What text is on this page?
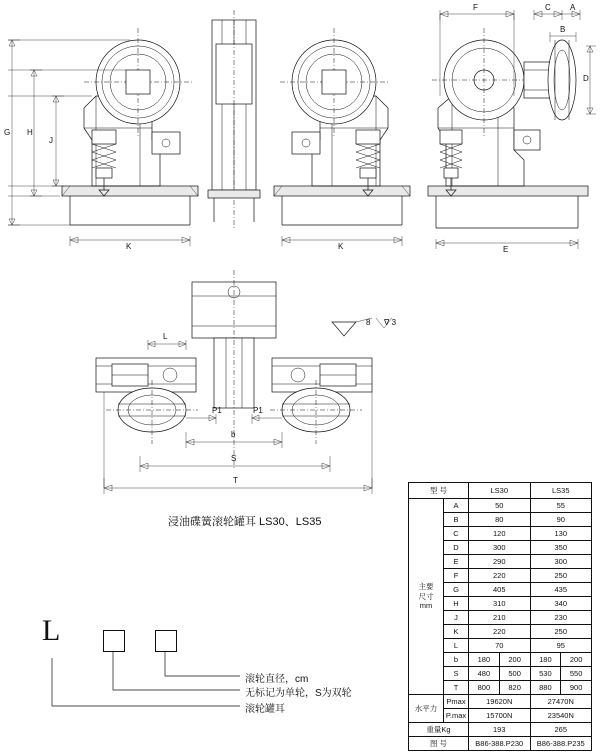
G H
J
K	K
F	C A
B
D
E
L
P1	P1
b
S
T
8 ∇ 3
浸油碟簧滚轮罐耳 LS30、LS35
L
滚轮直径，cm
无标记为单轮，S为双轮
滚轮罐耳
型 号		LS30		LS35	

主要
尺寸
mm	A	50		55	
	B	80		90	
	C	120		130	
	D	300		350	
	E	290		300	
	F	220		250	
	G	405		435	
	H	310		340	
	J	210		230	
	K	220		250	
	L	70		95	
	b	180	200	180	200
	S	480	500	530	550
	T	800	820	880	900
水平力	Pmax	19620N		27470N	
	P.max	15700N		23540N	
重量Kg		193		265	
图 号		B86-388.P230		B86-388.P235	
